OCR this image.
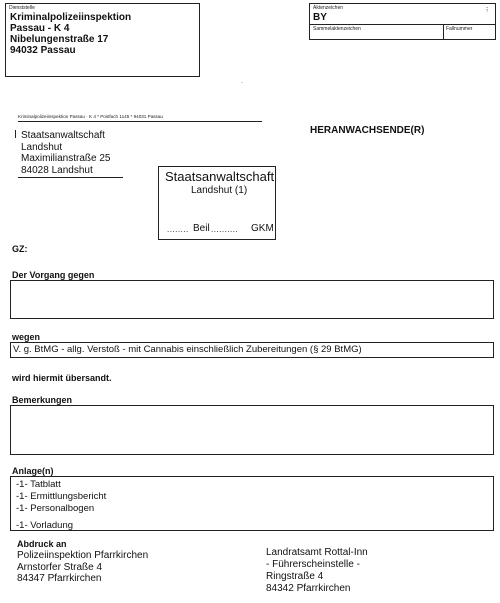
Dienststelle
Kriminalpolizeiinspektion
Passau - K 4
Nibelungenstraße 17
94032 Passau
Aktenzeichen
BY
Sammelaktenzeichen	Fallnummer
⁝
·
Kriminalpolizeiinspektion Passau · K 4 * Postfach 1145 * 94031 Passau
Staatsanwaltschaft
Landshut
Maximilianstraße 25
84028 Landshut
HERANWACHSENDE(R)
Staatsanwaltschaft
Landshut (1)
........ Beil .......... GKM
GZ:
Der Vorgang gegen
wegen
V. g. BtMG - allg. Verstoß - mit Cannabis einschließlich Zubereitungen (§ 29 BtMG)
wird hiermit übersandt.
Bemerkungen
Anlage(n)
-1- Tatblatt
-1- Ermittlungsbericht
-1- Personalbogen
-1- Vorladung
Abdruck an
Polizeiinspektion Pfarrkirchen
Arnstorfer Straße 4
84347 Pfarrkirchen
Landratsamt Rottal-Inn
- Führerscheinstelle -
Ringstraße 4
84342 Pfarrkirchen
